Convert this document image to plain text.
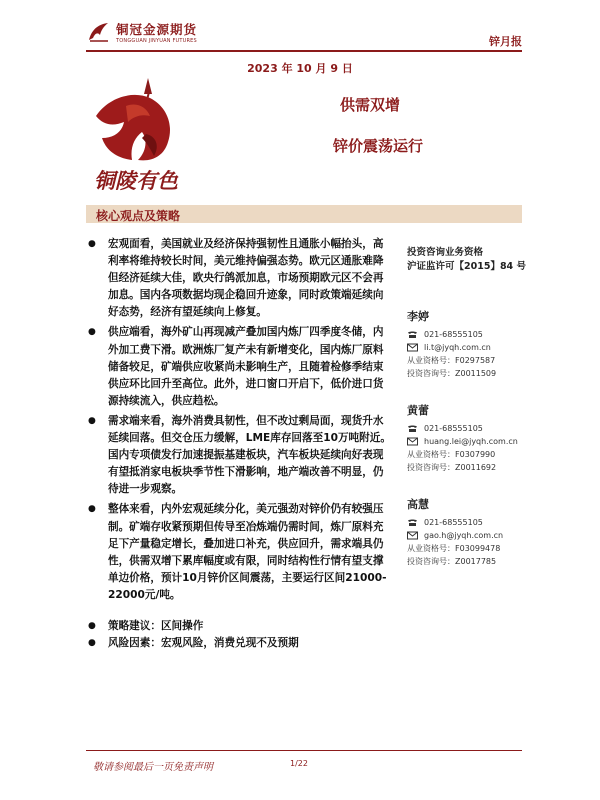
铜冠金源期货
TONGGUAN JINYUAN FUTURES	锌月报
2023 年 10 月 9 日
铜陵有色
供需双增
锌价震荡运行
核心观点及策略
● 宏观面看，美国就业及经济保持强韧性且通胀小幅抬头，高利率将维持较长时间，美元维持偏强态势。欧元区通胀难降但经济延续大佳，欧央行鸽派加息，市场预期欧元区不会再加息。国内各项数据均现企稳回升迹象，同时政策端延续向好态势，经济有望延续向上修复。
● 供应端看，海外矿山再现减产叠加国内炼厂四季度冬储，内外加工费下滑。欧洲炼厂复产未有新增变化，国内炼厂原料储备较足，矿端供应收紧尚未影响生产，且随着检修季结束供应环比回升至高位。此外，进口窗口开启下，低价进口货源持续流入，供应趋松。
● 需求端来看，海外消费具韧性，但不改过剩局面，现货升水延续回落。但交仓压力缓解，LME库存回落至10万吨附近。国内专项债发行加速提振基建板块，汽车板块延续向好表现有望抵消家电板块季节性下滑影响，地产端改善不明显，仍待进一步观察。
● 整体来看，内外宏观延续分化，美元强劲对锌价仍有较强压制。矿端存收紧预期但传导至冶炼端仍需时间，炼厂原料充足下产量稳定增长，叠加进口补充，供应回升，需求端具仍性，供需双增下累库幅度或有限，同时结构性行情有望支撑单边价格，预计10月锌价区间震荡，主要运行区间21000-22000元/吨。
● 策略建议：区间操作
● 风险因素：宏观风险，消费兑现不及预期
投资咨询业务资格
沪证监许可【2015】84 号
李婷
021-68555105
li.t@jyqh.com.cn
从业资格号： F0297587
投资咨询号： Z0011509
黄蕾
021-68555105
huang.lei@jyqh.com.cn
从业资格号： F0307990
投资咨询号： Z0011692
高慧
021-68555105
gao.h@jyqh.com.cn
从业资格号： F03099478
投资咨询号： Z0017785
敬请参阅最后一页免责声明	1/22
